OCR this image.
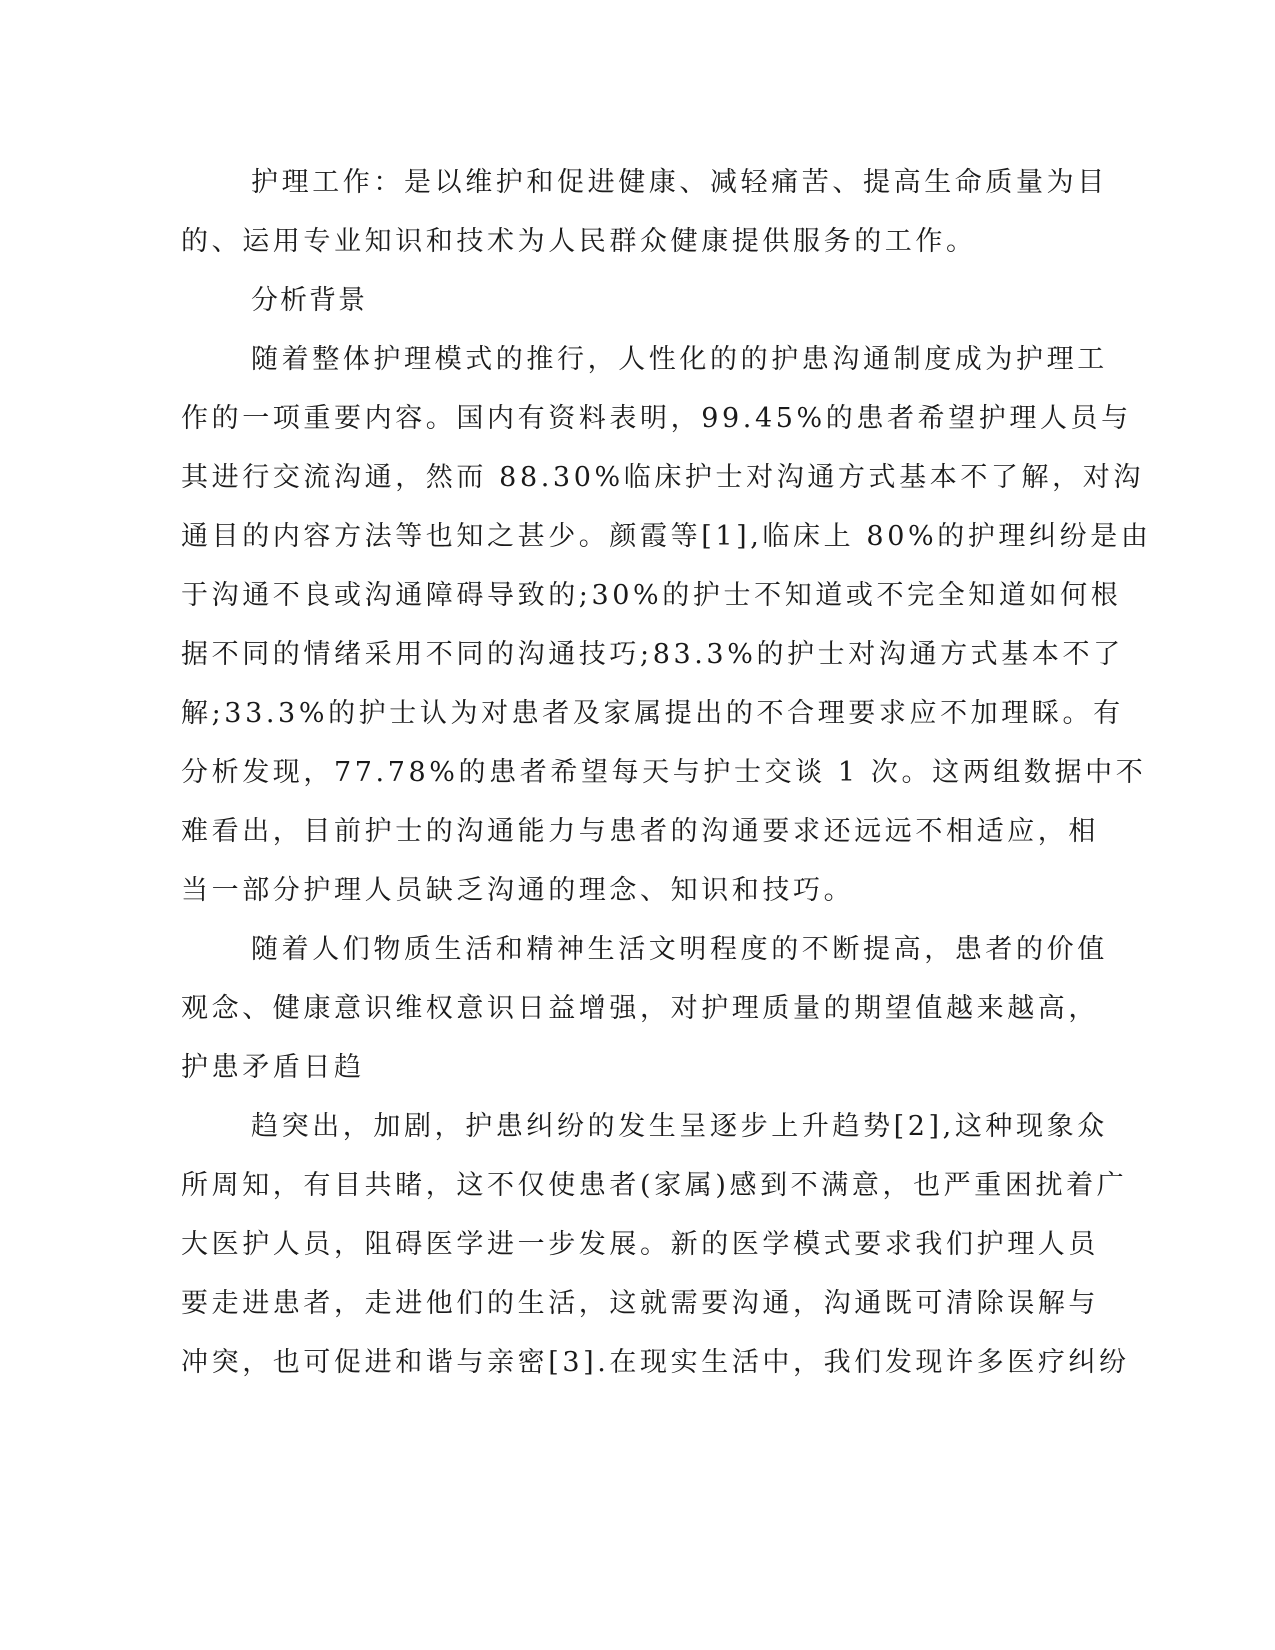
护理工作：是以维护和促进健康、减轻痛苦、提高生命质量为目
的、运用专业知识和技术为人民群众健康提供服务的工作。
分析背景
随着整体护理模式的推行，人性化的的护患沟通制度成为护理工
作的一项重要内容。国内有资料表明，99.45%的患者希望护理人员与
其进行交流沟通，然而 88.30%临床护士对沟通方式基本不了解，对沟
通目的内容方法等也知之甚少。颜霞等[1],临床上 80%的护理纠纷是由
于沟通不良或沟通障碍导致的;30%的护士不知道或不完全知道如何根
据不同的情绪采用不同的沟通技巧;83.3%的护士对沟通方式基本不了
解;33.3%的护士认为对患者及家属提出的不合理要求应不加理睬。有
分析发现，77.78%的患者希望每天与护士交谈 1 次。这两组数据中不
难看出，目前护士的沟通能力与患者的沟通要求还远远不相适应，相
当一部分护理人员缺乏沟通的理念、知识和技巧。
随着人们物质生活和精神生活文明程度的不断提高，患者的价值
观念、健康意识维权意识日益增强，对护理质量的期望值越来越高，
护患矛盾日趋
趋突出，加剧，护患纠纷的发生呈逐步上升趋势[2],这种现象众
所周知，有目共睹，这不仅使患者(家属)感到不满意，也严重困扰着广
大医护人员，阻碍医学进一步发展。新的医学模式要求我们护理人员
要走进患者，走进他们的生活，这就需要沟通，沟通既可清除误解与
冲突，也可促进和谐与亲密[3].在现实生活中，我们发现许多医疗纠纷
